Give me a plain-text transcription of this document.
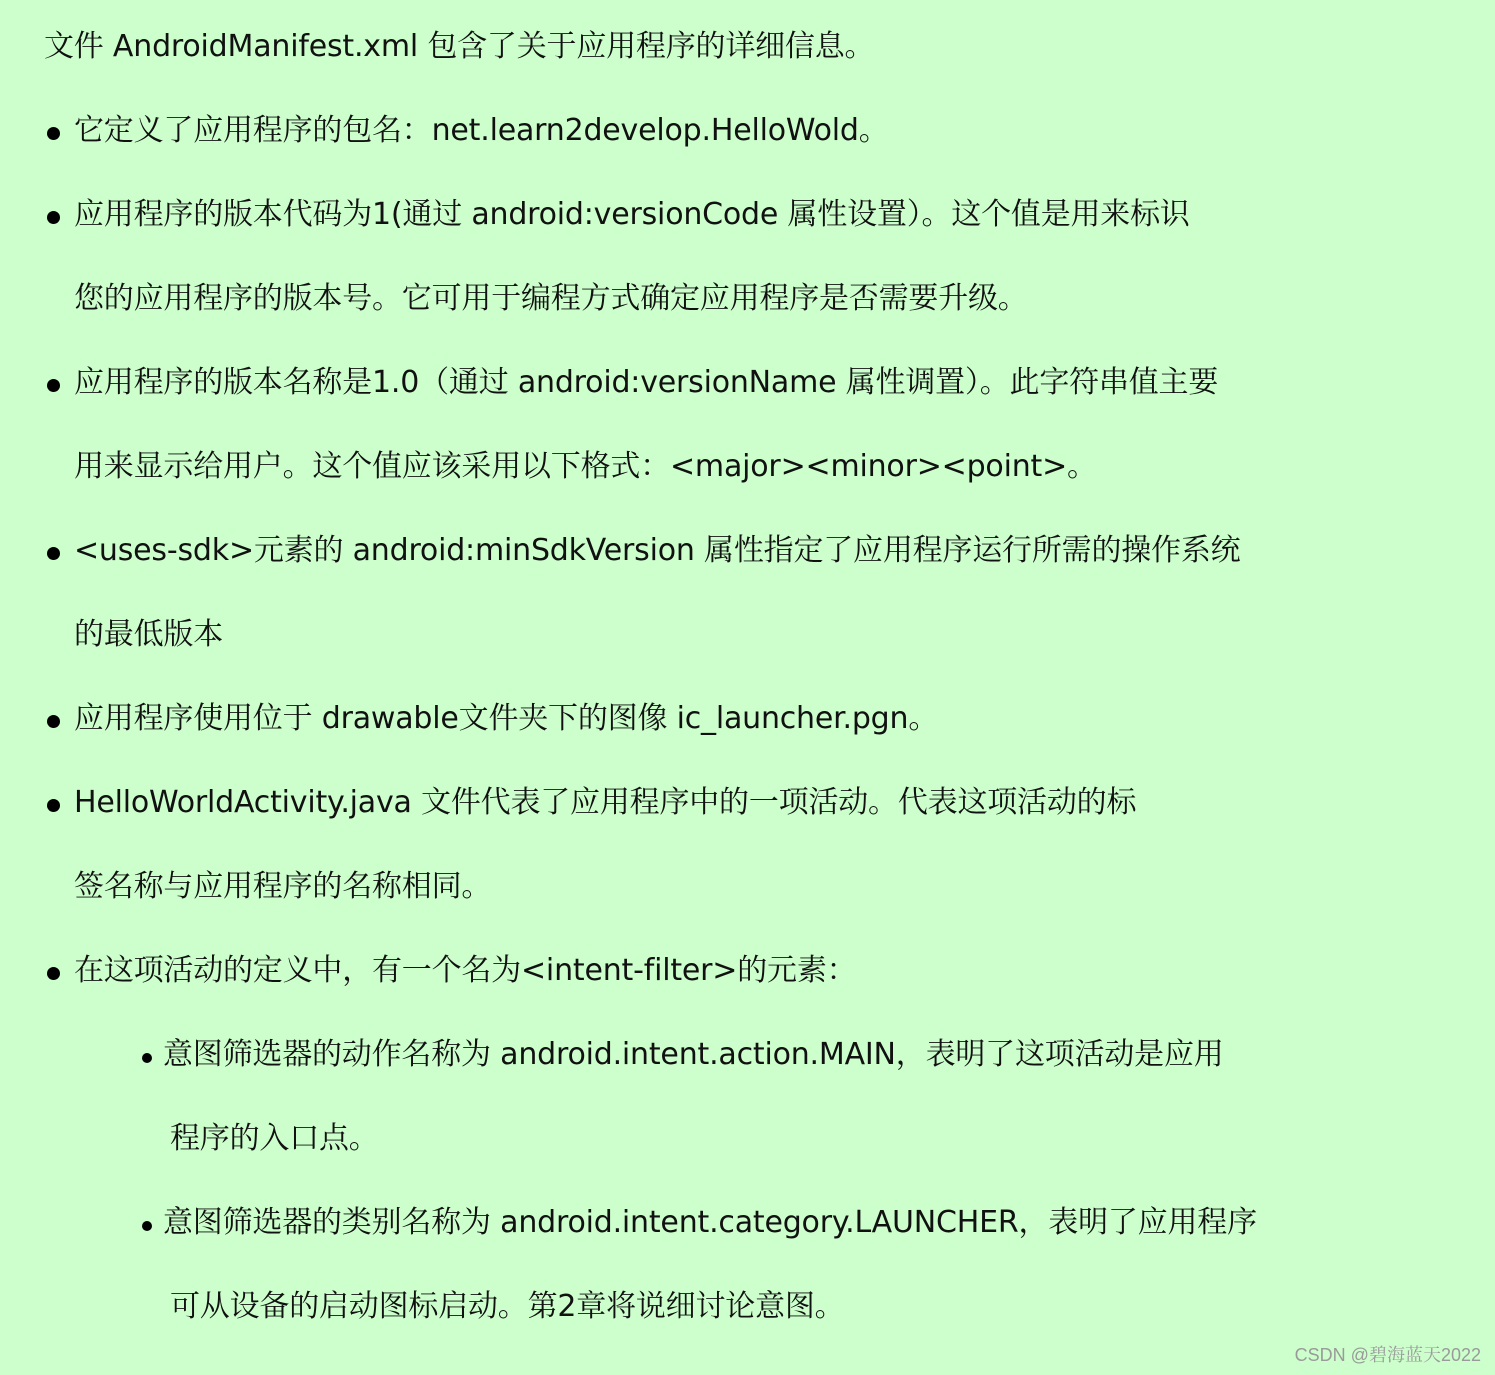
文件 AndroidManifest.xml 包含了关于应用程序的详细信息。
它定义了应用程序的包名：net.learn2develop.HelloWold。
应用程序的版本代码为1(通过 android:versionCode 属性设置）。这个值是用来标识
您的应用程序的版本号。它可用于编程方式确定应用程序是否需要升级。
应用程序的版本名称是1.0（通过 android:versionName 属性调置）。此字符串值主要
用来显示给用户。这个值应该采用以下格式：<major><minor><point>。
<uses-sdk>元素的 android:minSdkVersion 属性指定了应用程序运行所需的操作系统
的最低版本
应用程序使用位于 drawable文件夹下的图像 ic_launcher.pgn。
HelloWorldActivity.java 文件代表了应用程序中的一项活动。代表这项活动的标
签名称与应用程序的名称相同。
在这项活动的定义中，有一个名为<intent-filter>的元素：
意图筛选器的动作名称为 android.intent.action.MAIN，表明了这项活动是应用
程序的入口点。
意图筛选器的类别名称为 android.intent.category.LAUNCHER，表明了应用程序
可从设备的启动图标启动。第2章将说细讨论意图。
CSDN @碧海蓝天2022
